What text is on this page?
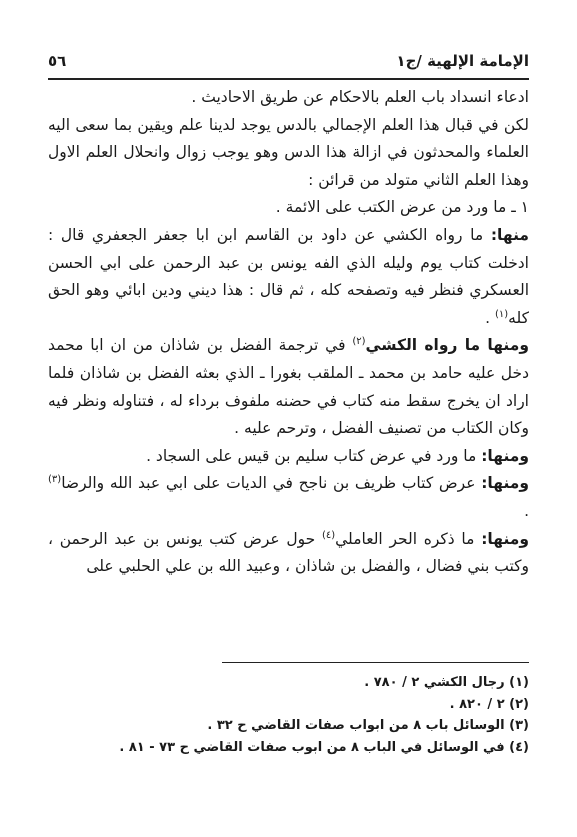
الإمامة الإلهية /ج١
٥٦

ادعاء انسداد باب العلم بالاحكام عن طريق الاحاديث .

لكن في قبال هذا العلم الإجمالي بالدس يوجد لدينا علم ويقين بما سعى اليه العلماء والمحدثون في ازالة هذا الدس وهو يوجب زوال وانحلال العلم الاول وهذا العلم الثاني متولد من قرائن :

١ ـ ما ورد من عرض الكتب على الائمة .

منها: ما رواه الكشي عن داود بن القاسم ابن ابا جعفر الجعفري قال : ادخلت كتاب يوم وليله الذي الفه يونس بن عبد الرحمن على ابي الحسن العسكري فنظر فيه وتصفحه كله ، ثم قال : هذا ديني ودين ابائي وهو الحق كله$^{(١)}$ .

ومنها ما رواه الكشي$^{(٢)}$ في ترجمة الفضل بن شاذان من ان ابا محمد دخل عليه حامد بن محمد ـ الملقب بغورا ـ الذي بعثه الفضل بن شاذان فلما اراد ان يخرج سقط منه كتاب في حضنه ملفوف برداء له ، فتناوله ونظر فيه وكان الكتاب من تصنيف الفضل ، وترحم عليه .

ومنها: ما ورد في عرض كتاب سليم بن قيس على السجاد .

ومنها: عرض كتاب ظريف بن ناجح في الديات على ابي عبد الله والرضا$^{(٣)}$ .

ومنها: ما ذكره الحر العاملي$^{(٤)}$ حول عرض كتب يونس بن عبد الرحمن ، وكتب بني فضال ، والفضل بن شاذان ، وعبيد الله بن علي الحلبي على

(١) رجال الكشي ٢ / ٧٨٠ .

(٢) ٢ / ٨٢٠ .

(٣) الوسائل باب ٨ من ابواب صفات القاضي ح ٣٢ .

(٤) في الوسائل في الباب ٨ من ابوب صفات القاضي ح ٧٣ - ٨١ .
